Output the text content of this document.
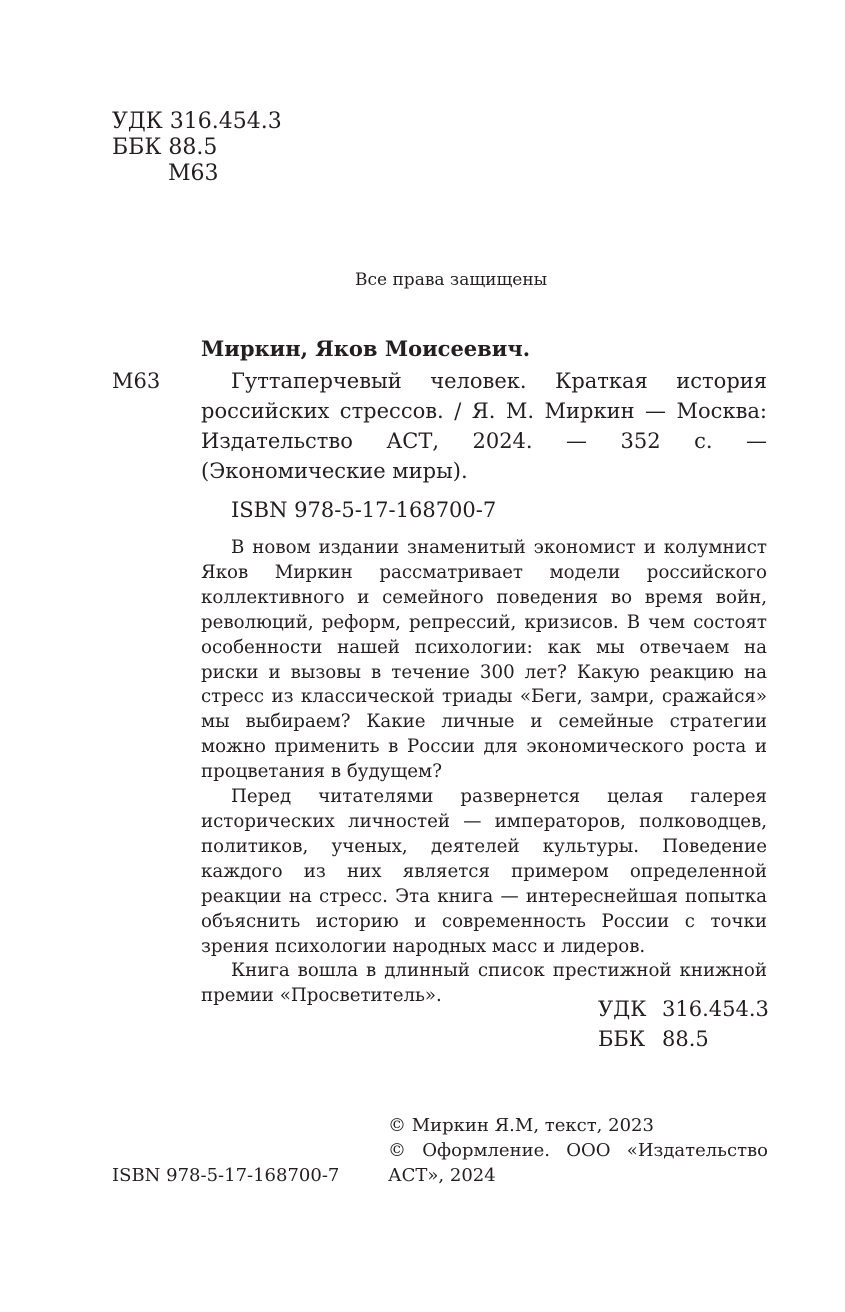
УДК 316.454.3
ББК 88.5
М63
Все права защищены
Миркин, Яков Моисеевич.
М63	Гуттаперчевый человек. Краткая история российских стрессов. / Я. М. Миркин — Москва: Издательство АСТ, 2024. — 352 с. — (Экономические миры).
ISBN 978-5-17-168700-7

В новом издании знаменитый экономист и колумнист Яков Миркин рассматривает модели российского коллективного и семейного поведения во время войн, революций, реформ, репрессий, кризисов. В чем состоят особенности нашей психологии: как мы отвечаем на риски и вызовы в течение 300 лет? Какую реакцию на стресс из классической триады «Беги, замри, сражайся» мы выбираем? Какие личные и семейные стратегии можно применить в России для экономического роста и процветания в будущем?

Перед читателями развернется целая галерея исторических личностей — императоров, полководцев, политиков, ученых, деятелей культуры. Поведение каждого из них является примером определенной реакции на стресс. Эта книга — интереснейшая попытка объяснить историю и современность России с точки зрения психологии народных масс и лидеров.

Книга вошла в длинный список престижной книжной премии «Просветитель».

УДК 316.454.3
ББК 88.5
© Миркин Я.М, текст, 2023
© Оформление. ООО «Издательство АСТ», 2024
ISBN 978-5-17-168700-7
